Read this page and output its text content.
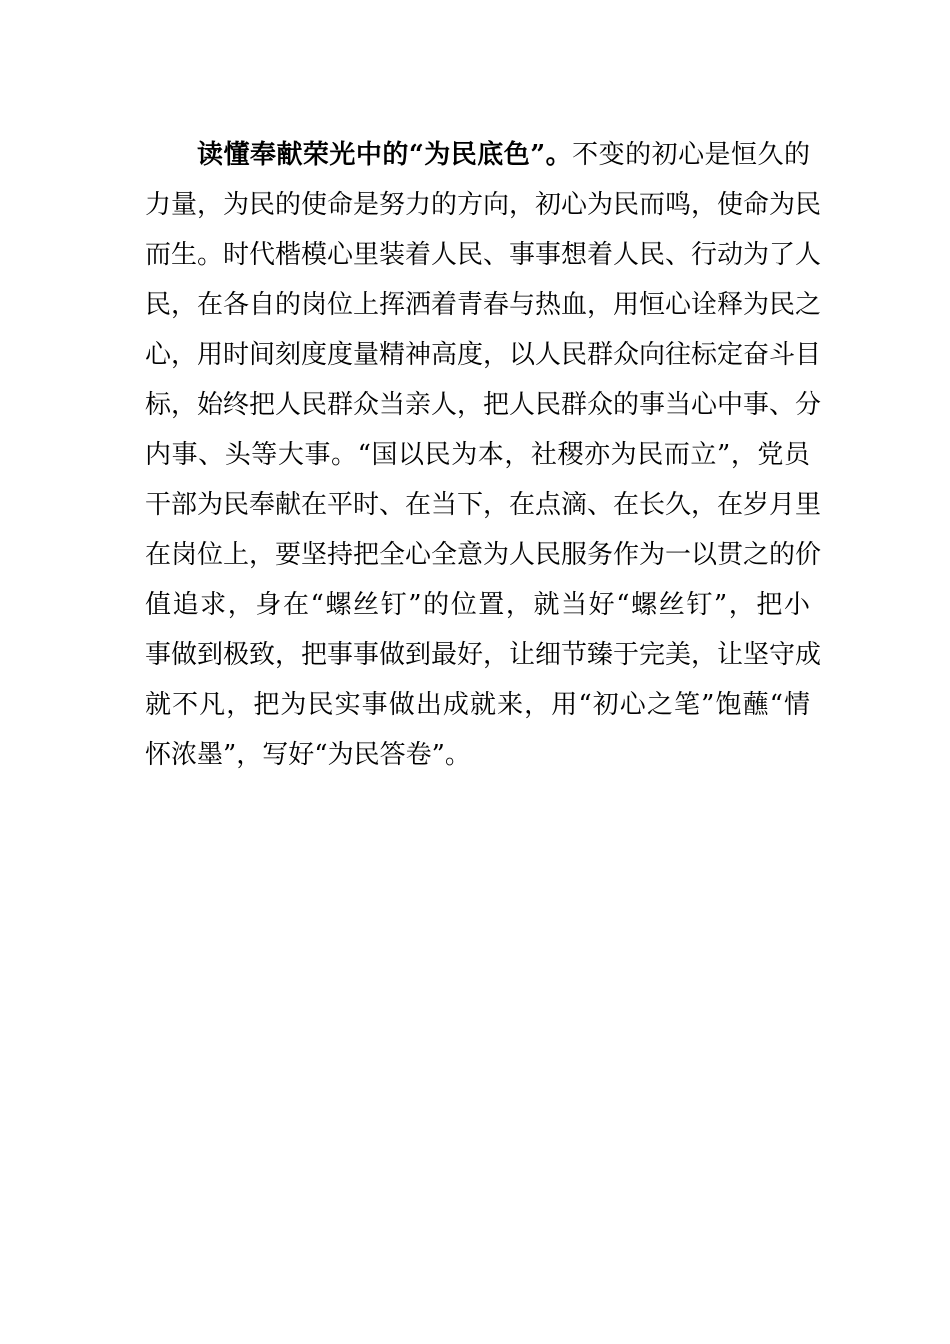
读懂奉献荣光中的“为民底色”。不变的初心是恒久的
力量，为民的使命是努力的方向，初心为民而鸣，使命为民
而生。时代楷模心里装着人民、事事想着人民、行动为了人
民，在各自的岗位上挥洒着青春与热血，用恒心诠释为民之
心，用时间刻度度量精神高度，以人民群众向往标定奋斗目
标，始终把人民群众当亲人，把人民群众的事当心中事、分
内事、头等大事。“国以民为本，社稷亦为民而立”，党员
干部为民奉献在平时、在当下，在点滴、在长久，在岁月里
在岗位上，要坚持把全心全意为人民服务作为一以贯之的价
值追求，身在“螺丝钉”的位置，就当好“螺丝钉”，把小
事做到极致，把事事做到最好，让细节臻于完美，让坚守成
就不凡，把为民实事做出成就来，用“初心之笔”饱蘸“情
怀浓墨”，写好“为民答卷”。
